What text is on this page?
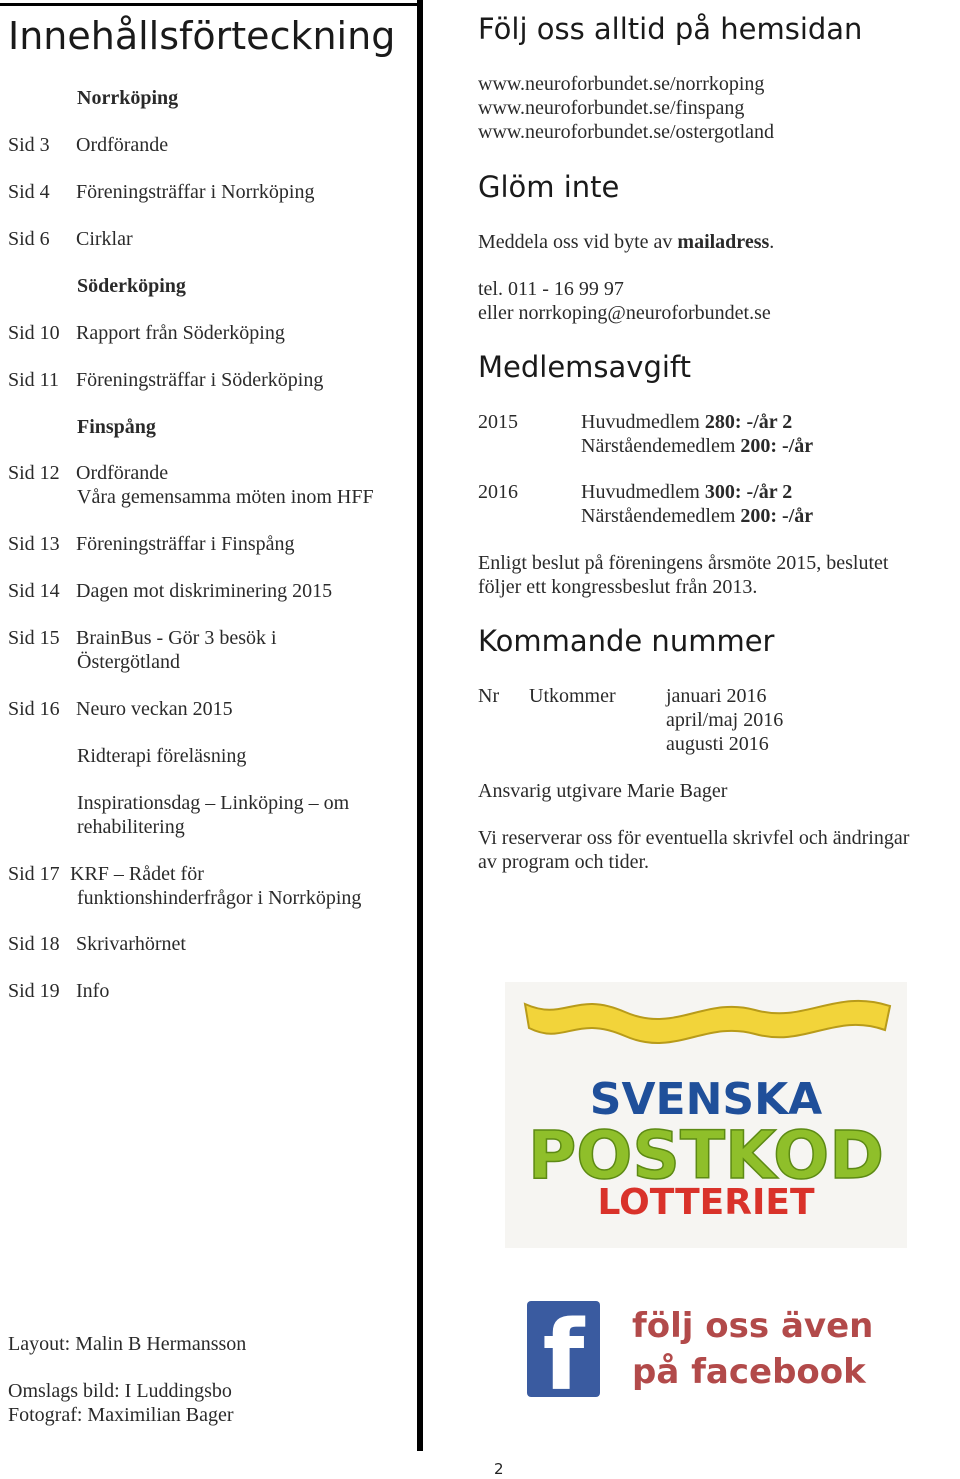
Innehållsförteckning
Norrköping
Sid 3 Ordförande
Sid 4 Föreningsträffar i Norrköping
Sid 6 Cirklar
Söderköping
Sid 10 Rapport från Söderköping
Sid 11 Föreningsträffar i Söderköping
Finspång
Sid 12 Ordförande
Våra gemensamma möten inom HFF
Sid 13 Föreningsträffar i Finspång
Sid 14 Dagen mot diskriminering 2015
Sid 15 BrainBus - Gör 3 besök i
Östergötland
Sid 16 Neuro veckan 2015
Ridterapi föreläsning
Inspirationsdag – Linköping – om
rehabilitering
Sid 17 KRF – Rådet för
funktionshinderfrågor i Norrköping
Sid 18 Skrivarhörnet
Sid 19 Info
Layout: Malin B Hermansson
Omslags bild: I Luddingsbo
Fotograf: Maximilian Bager
Följ oss alltid på hemsidan
www.neuroforbundet.se/norrkoping
www.neuroforbundet.se/finspang
www.neuroforbundet.se/ostergotland
Glöm inte
Meddela oss vid byte av mailadress.
tel. 011 - 16 99 97
eller norrkoping@neuroforbundet.se
Medlemsavgift
2015	Huvudmedlem 280: -/år 2
Närståendemedlem 200: -/år
2016	Huvudmedlem 300: -/år 2
Närståendemedlem 200: -/år
Enligt beslut på föreningens årsmöte 2015, beslutet
följer ett kongressbeslut från 2013.
Kommande nummer
Nr Utkommer	januari 2016
april/maj 2016
augusti 2016
Ansvarig utgivare Marie Bager
Vi reserverar oss för eventuella skrivfel och ändringar
av program och tider.
SVENSKA
POSTKOD
LOTTERIET
f	följ oss även
på facebook
2
